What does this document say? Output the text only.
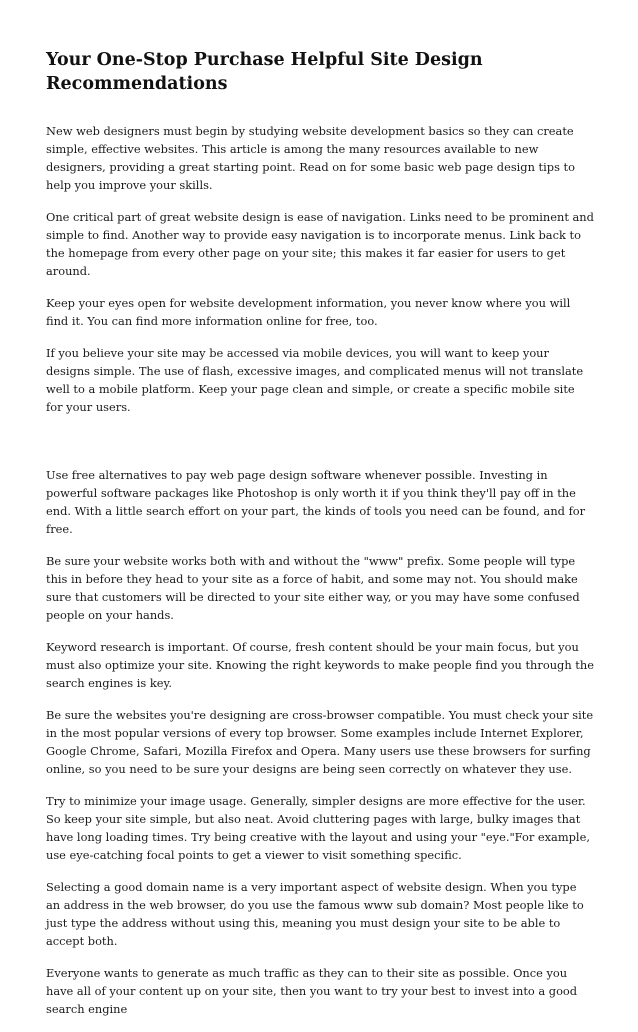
Your One-Stop Purchase Helpful Site Design Recommendations

New web designers must begin by studying website development basics so they can create simple, effective websites. This article is among the many resources available to new designers, providing a great starting point. Read on for some basic web page design tips to help you improve your skills.

One critical part of great website design is ease of navigation. Links need to be prominent and simple to find. Another way to provide easy navigation is to incorporate menus. Link back to the homepage from every other page on your site; this makes it far easier for users to get around.

Keep your eyes open for website development information, you never know where you will find it. You can find more information online for free, too.

If you believe your site may be accessed via mobile devices, you will want to keep your designs simple. The use of flash, excessive images, and complicated menus will not translate well to a mobile platform. Keep your page clean and simple, or create a specific mobile site for your users.

Use free alternatives to pay web page design software whenever possible. Investing in powerful software packages like Photoshop is only worth it if you think they'll pay off in the end. With a little search effort on your part, the kinds of tools you need can be found, and for free.

Be sure your website works both with and without the "www" prefix. Some people will type this in before they head to your site as a force of habit, and some may not. You should make sure that customers will be directed to your site either way, or you may have some confused people on your hands.

Keyword research is important. Of course, fresh content should be your main focus, but you must also optimize your site. Knowing the right keywords to make people find you through the search engines is key.

Be sure the websites you're designing are cross-browser compatible. You must check your site in the most popular versions of every top browser. Some examples include Internet Explorer, Google Chrome, Safari, Mozilla Firefox and Opera. Many users use these browsers for surfing online, so you need to be sure your designs are being seen correctly on whatever they use.

Try to minimize your image usage. Generally, simpler designs are more effective for the user. So keep your site simple, but also neat. Avoid cluttering pages with large, bulky images that have long loading times. Try being creative with the layout and using your "eye."For example, use eye-catching focal points to get a viewer to visit something specific.

Selecting a good domain name is a very important aspect of website design. When you type an address in the web browser, do you use the famous www sub domain? Most people like to just type the address without using this, meaning you must design your site to be able to accept both.

Everyone wants to generate as much traffic as they can to their site as possible. Once you have all of your content up on your site, then you want to try your best to invest into a good search engine
